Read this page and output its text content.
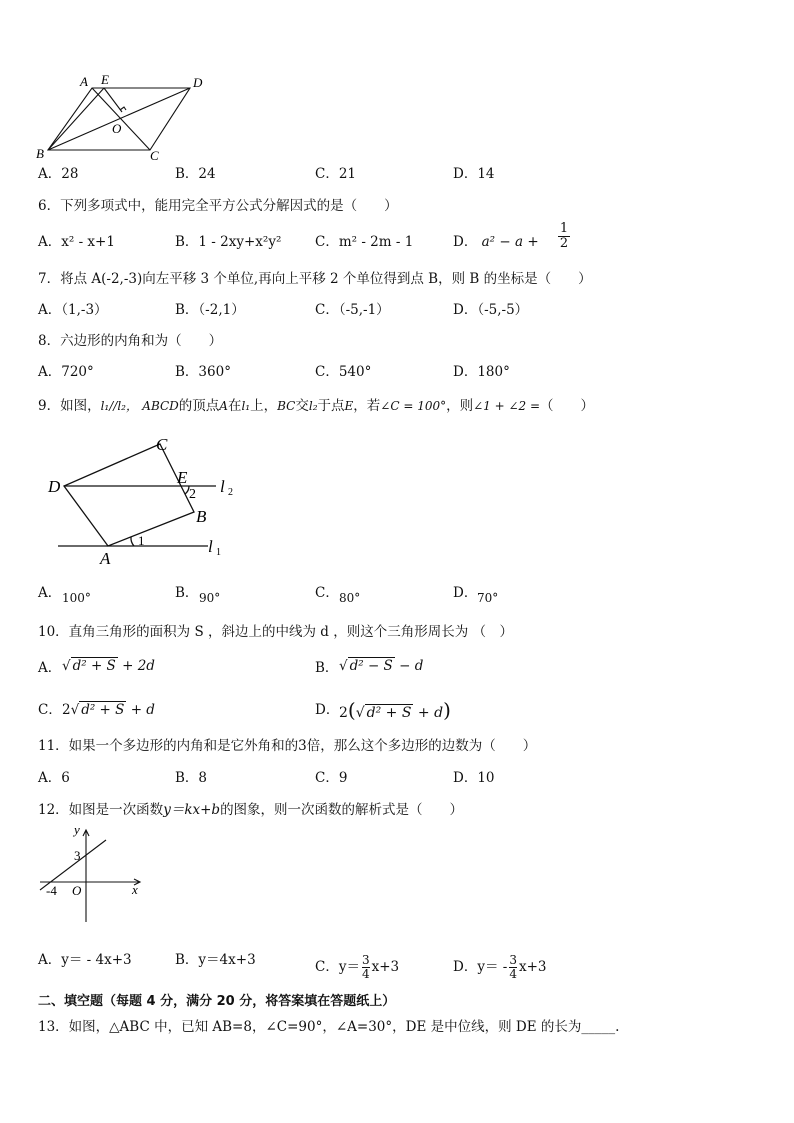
A E	D
O
B	C
A．28	B．24	C．21	D．14
6．下列多项式中，能用完全平方公式分解因式的是（　　）
A．x² - x+1	B．1 - 2xy+x²y² C．m² - 2m - 1	D． $a^2 - a + \frac{1}{2}$
7．将点 A(-2,-3)向左平移 3 个单位,再向上平移 2 个单位得到点 B，则 B 的坐标是（　　）
A．（1,-3）	B．（-2,1）	C．（-5,-1）	D．（-5,-5）
8．六边形的内角和为（　　）
A．720°	B．360°	C．540°	D．180°
9．如图，l₁//l₂， ABCD的顶点A在l₁上，BC交l₂于点E，若∠C = 100°，则∠1 + ∠2 =（　　）
C
D	E
2 l 2
B
1	l 1
A
A． 100°	B． 90°	C． 80°	D． 70°
10．直角三角形的面积为 S ，斜边上的中线为 d ，则这个三角形周长为 （　）
A． √ d² + S + 2d	B． √ d² − S − d
C． 2√ d² + S + d	D． 2(√ d² + S + d)
11．如果一个多边形的内角和是它外角和的3倍，那么这个多边形的边数为（　　）
A．6	B．8	C．9	D．10
12．如图是一次函数y＝kx+b的图象，则一次函数的解析式是（　　）
y
3
-4 O	x
A．y＝ - 4x+3	B．y＝4x+3	C．$y= \frac{3}{4} x+3$	D．$y= - \frac{3}{4} x+3$
二、填空题（每题 4 分，满分 20 分，将答案填在答题纸上）
13．如图，△ABC 中，已知 AB=8，∠C=90°，∠A=30°，DE 是中位线，则 DE 的长为_____.
